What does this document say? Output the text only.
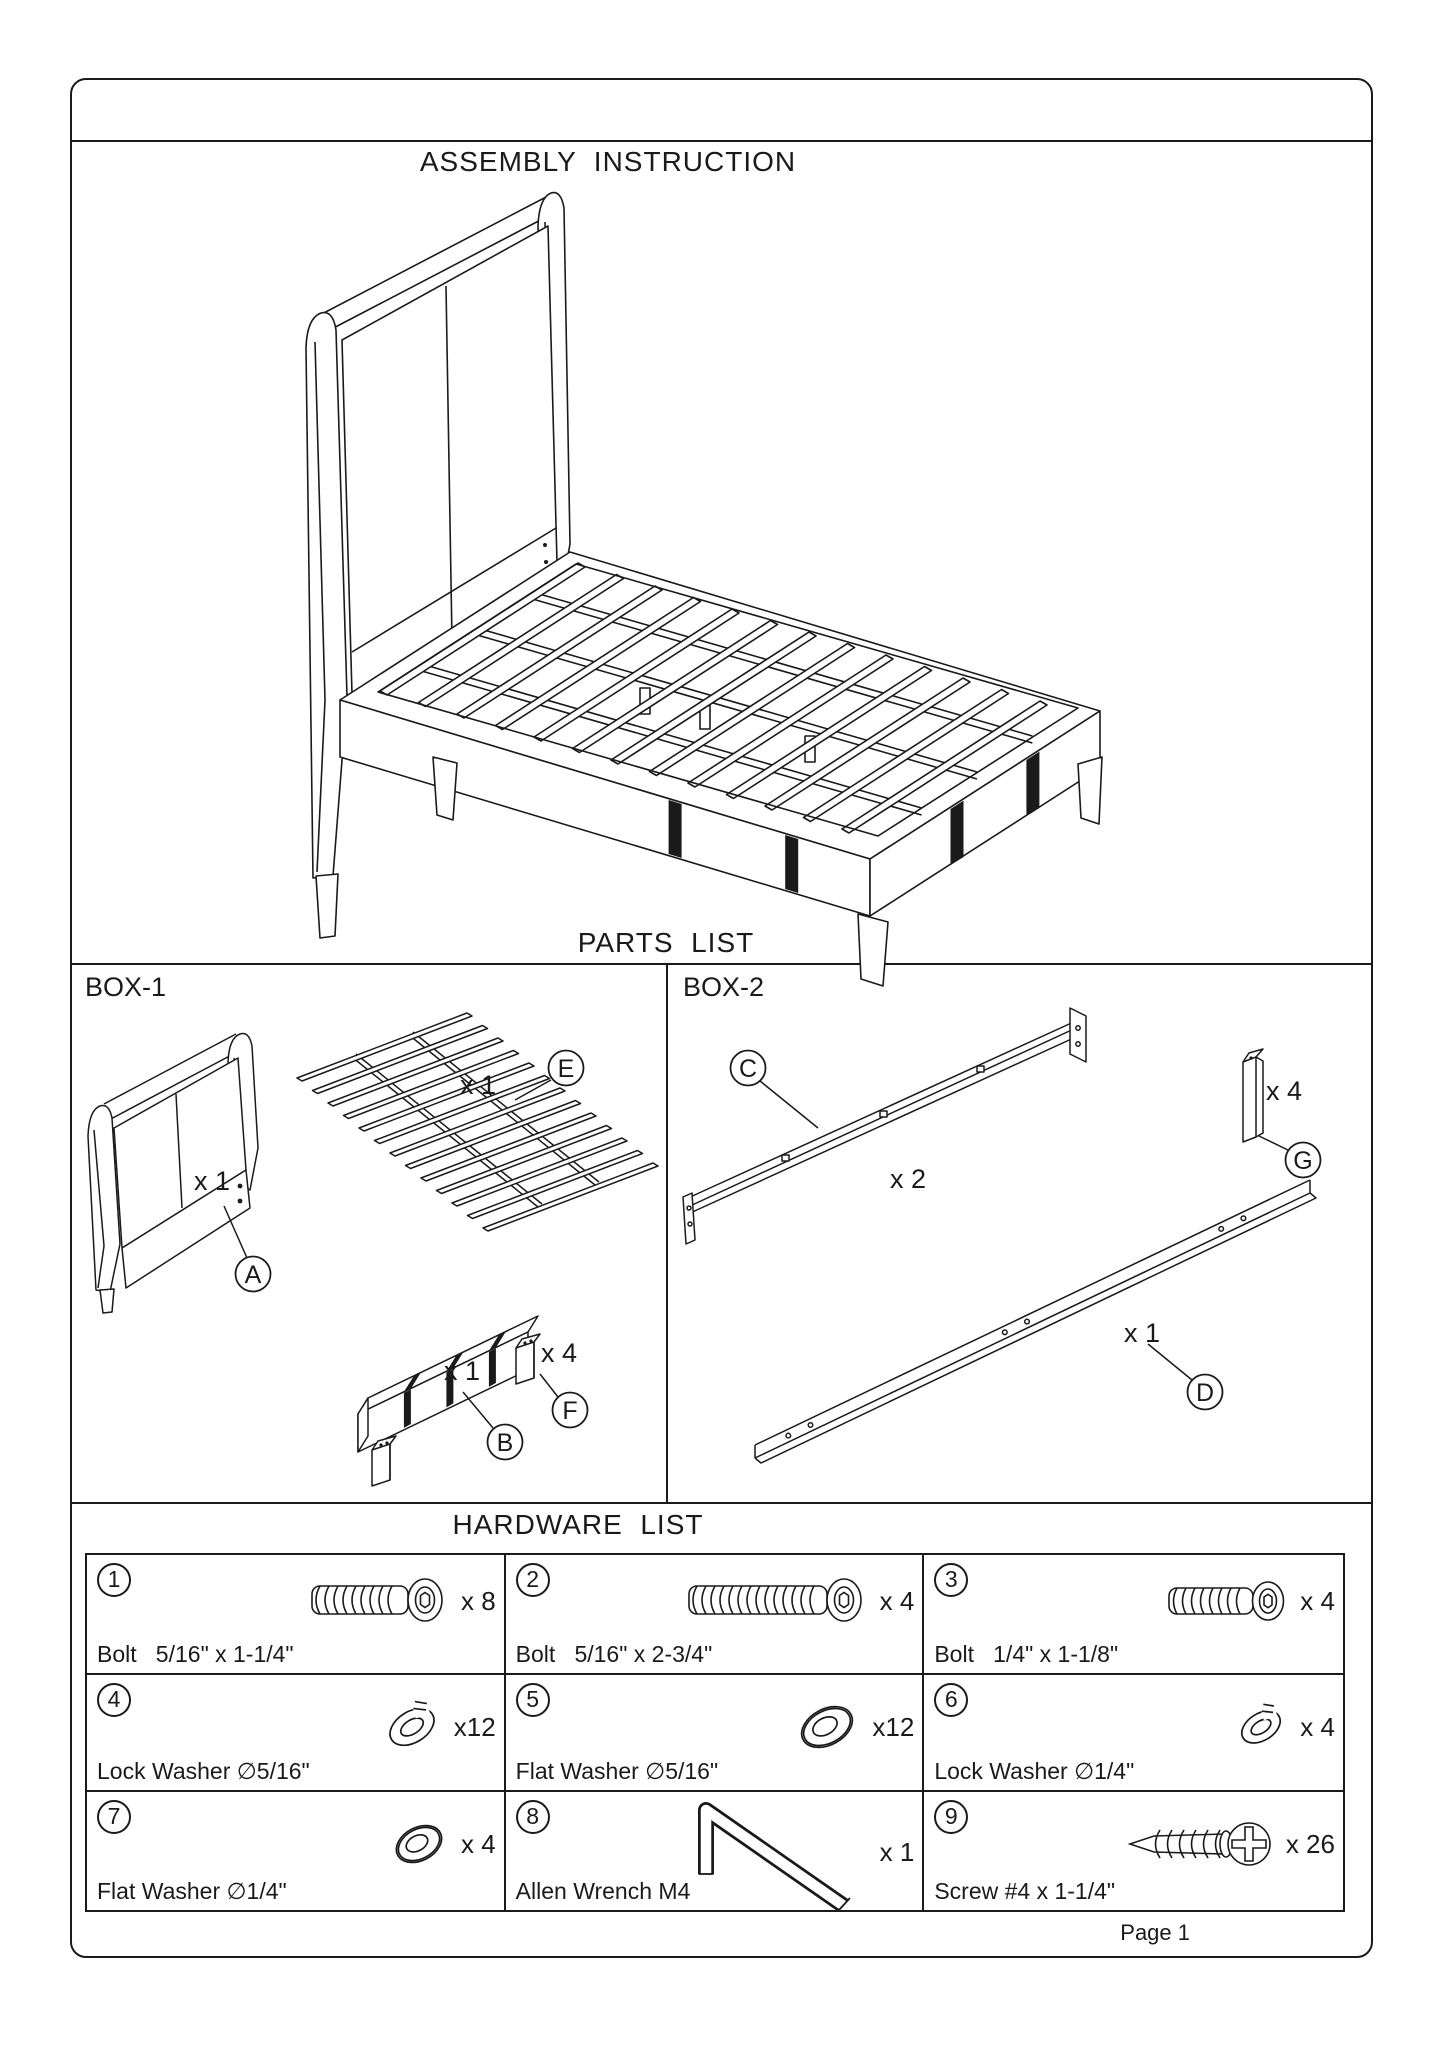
ASSEMBLY  INSTRUCTION
PARTS  LIST
HARDWARE  LIST
BOX-1	BOX-2
Page 1
A
E
B
F
C
G
D
x 1
x 1
x 1
x 4
x 2
x 4
x 1
1
x 8
Bolt   5/16" x 1-1/4"
2
x 4
Bolt   5/16" x 2-3/4"
3
x 4
Bolt   1/4" x 1-1/8"
4
x12
Lock Washer ∅5/16"
5
x12
Flat Washer ∅5/16"
6
x 4
Lock Washer ∅1/4"
7
x 4
Flat Washer ∅1/4"
8
x 1
Allen Wrench M4
9
x 26
Screw #4 x 1-1/4"
